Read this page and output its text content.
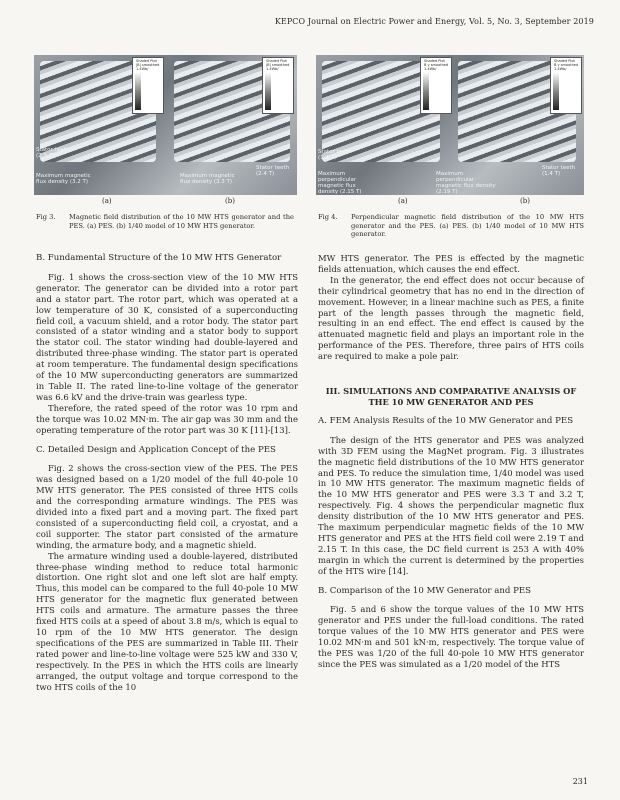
KEPCO Journal on Electric Power and Energy, Vol. 5, No. 3, September 2019
Shaded Plot
|B| smoothed
1.4Wb/
Shaded Plot
|B| smoothed
1.4Wb/
Stator teeth (2.3 T)
Maximum magnetic flux density (3.2 T)
Maximum magnetic flux density (3.3 T)
Stator teeth (2.4 T)
(a)	(b)
Fig 3. Magnetic field distribution of the 10 MW HTS generator and the PES. (a) PES. (b) 1/40 model of 10 MW HTS generator.
Shaded Plot
B y smoothed
1.4Wb/
Shaded Plot
B y smoothed
1.4Wb/
Stator teeth (1.4 T)
Maximum perpendicular magnetic flux density (2.15 T)
Maximum perpendicular magnetic flux density (2.19 T)
Stator teeth (1.4 T)
(a)	(b)
Fig 4. Perpendicular magnetic field distribution of the 10 MW HTS generator and the PES. (a) PES. (b) 1/40 model of 10 MW HTS generator.
B. Fundamental Structure of the 10 MW HTS Generator

Fig. 1 shows the cross-section view of the 10 MW HTS generator. The generator can be divided into a rotor part and a stator part. The rotor part, which was operated at a low temperature of 30 K, consisted of a superconducting field coil, a vacuum shield, and a rotor body. The stator part consisted of a stator winding and a stator body to support the stator coil. The stator winding had double-layered and distributed three-phase winding. The stator part is operated at room temperature. The fundamental design specifications of the 10 MW superconducting generators are summarized in Table II. The rated line-to-line voltage of the generator was 6.6 kV and the drive-train was gearless type.

Therefore, the rated speed of the rotor was 10 rpm and the torque was 10.02 MN·m. The air gap was 30 mm and the operating temperature of the rotor part was 30 K [11]-[13].

C. Detailed Design and Application Concept of the PES

Fig. 2 shows the cross-section view of the PES. The PES was designed based on a 1/20 model of the full 40-pole 10 MW HTS generator. The PES consisted of three HTS coils and the corresponding armature windings. The PES was divided into a fixed part and a moving part. The fixed part consisted of a superconducting field coil, a cryostat, and a coil supporter. The stator part consisted of the armature winding, the armature body, and a magnetic shield.

The armature winding used a double-layered, distributed three-phase winding method to reduce total harmonic distortion. One right slot and one left slot are half empty. Thus, this model can be compared to the full 40-pole 10 MW HTS generator for the magnetic flux generated between HTS coils and armature. The armature passes the three fixed HTS coils at a speed of about 3.8 m/s, which is equal to 10 rpm of the 10 MW HTS generator. The design specifications of the PES are summarized in Table III. Their rated power and line-to-line voltage were 525 kW and 330 V, respectively. In the PES in which the HTS coils are linearly arranged, the output voltage and torque correspond to the two HTS coils of the 10

MW HTS generator. The PES is effected by the magnetic fields attenuation, which causes the end effect.

In the generator, the end effect does not occur because of their cylindrical geometry that has no end in the direction of movement. However, in a linear machine such as PES, a finite part of the length passes through the magnetic field, resulting in an end effect. The end effect is caused by the attenuated magnetic field and plays an important role in the performance of the PES. Therefore, three pairs of HTS coils are required to make a pole pair.

III. SIMULATIONS AND COMPARATIVE ANALYSIS OF THE 10 MW GENERATOR AND PES
A. FEM Analysis Results of the 10 MW Generator and PES

The design of the HTS generator and PES was analyzed with 3D FEM using the MagNet program. Fig. 3 illustrates the magnetic field distributions of the 10 MW HTS generator and PES. To reduce the simulation time, 1/40 model was used in 10 MW HTS generator. The maximum magnetic fields of the 10 MW HTS generator and PES were 3.3 T and 3.2 T, respectively. Fig. 4 shows the perpendicular magnetic flux density distribution of the 10 MW HTS generator and PES. The maximum perpendicular magnetic fields of the 10 MW HTS generator and PES at the HTS field coil were 2.19 T and 2.15 T. In this case, the DC field current is 253 A with 40% margin in which the current is determined by the properties of the HTS wire [14].

B. Comparison of the 10 MW Generator and PES

Fig. 5 and 6 show the torque values of the 10 MW HTS generator and PES under the full-load conditions. The rated torque values of the 10 MW HTS generator and PES were 10.02 MN·m and 501 kN·m, respectively. The torque value of the PES was 1/20 of the full 40-pole 10 MW HTS generator since the PES was simulated as a 1/20 model of the HTS

231
